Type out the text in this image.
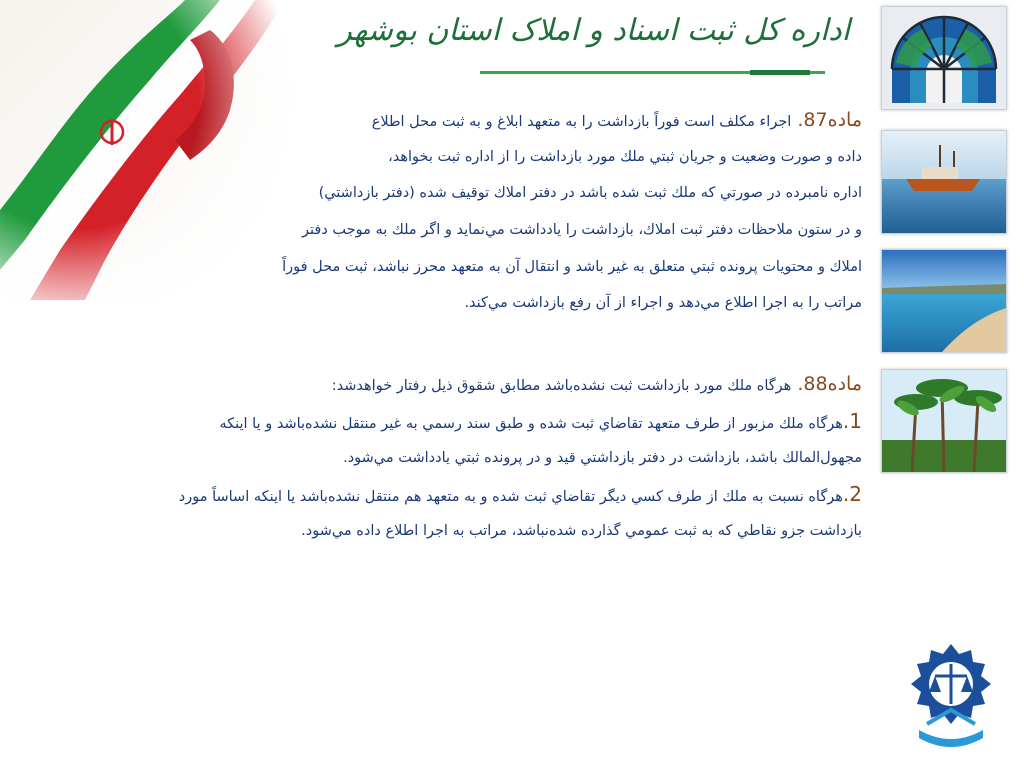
اداره کل ثبت اسناد و املاک استان بوشهر
ماده87. اجراء مكلف است فوراً بازداشت را به متعهد ابلاغ و به ثبت محل اطلاع
داده و صورت وضعيت و جريان ثبتي ملك مورد بازداشت را از اداره ثبت بخواهد،
اداره نامبرده در صورتي كه ملك ثبت شده باشد در دفتر املاك توقيف شده (دفتر بازداشتي)
و در ستون ملاحظات دفتر ثبت املاك، بازداشت را يادداشت مي‌نمايد و اگر ملك به موجب دفتر
املاك و محتويات پرونده ثبتي متعلق به غير باشد و انتقال آن به متعهد محرز نباشد، ثبت محل فوراً
مراتب را به اجرا اطلاع مي‌دهد و اجراء از آن رفع بازداشت مي‌كند.
ماده88. هرگاه ملك مورد بازداشت ثبت نشده‌باشد مطابق شقوق ذيل رفتار خواهدشد:
1.هرگاه ملك مزبور از طرف متعهد تقاضاي ثبت شده و طبق سند رسمي به غير منتقل نشده‌باشد و يا اينكه
مجهول‌المالك باشد، بازداشت در دفتر بازداشتي قيد و در پرونده ثبتي يادداشت مي‌شود.
2.هرگاه نسبت به ملك از طرف كسي ديگر تقاضاي ثبت شده و به متعهد هم منتقل نشده‌باشد يا اينكه اساساً مورد
بازداشت جزو نقاطي كه به ثبت عمومي گذارده شده‌نباشد، مراتب به اجرا اطلاع داده مي‌شود.
